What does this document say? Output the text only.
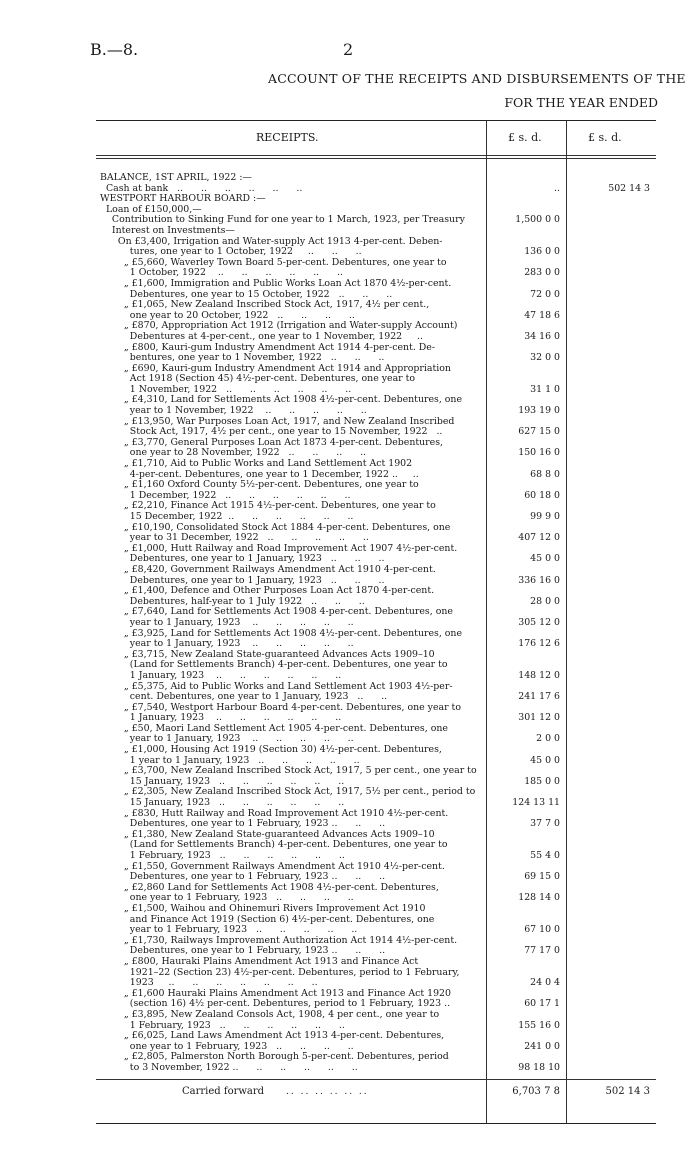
B.—8.	2
ACCOUNT OF THE RECEIPTS AND DISBURSEMENTS OF THE
FOR THE YEAR ENDED
RECEIPTS.	£ s. d.	£ s. d.
BALANCE, 1ST APRIL, 1922 :—
Cash at bank   ..      ..      ..      ..      ..      ..	..	502 14 3
WESTPORT HARBOUR BOARD :—
Loan of £150,000,—
Contribution to Sinking Fund for one year to 1 March, 1923, per Treasury	1,500 0 0
Interest on Investments—
On £3,400, Irrigation and Water-supply Act 1913 4-per-cent. Deben-
tures, one year to 1 October, 1922     ..      ..      ..	136 0 0
„ £5,660, Waverley Town Board 5-per-cent. Debentures, one year to
1 October, 1922    ..      ..      ..      ..      ..      ..	283 0 0
„ £1,600, Immigration and Public Works Loan Act 1870 4½-per-cent.
Debentures, one year to 15 October, 1922   ..      ..      ..	72 0 0
„ £1,065, New Zealand Inscribed Stock Act, 1917, 4½ per cent.,
one year to 20 October, 1922   ..      ..      ..      ..	47 18 6
„ £870, Appropriation Act 1912 (Irrigation and Water-supply Account)
Debentures at 4-per-cent., one year to 1 November, 1922     ..	34 16 0
„ £800, Kauri-gum Industry Amendment Act 1914 4-per-cent. De-
bentures, one year to 1 November, 1922   ..      ..      ..	32 0 0
„ £690, Kauri-gum Industry Amendment Act 1914 and Appropriation
Act 1918 (Section 45) 4½-per-cent. Debentures, one year to
1 November, 1922   ..      ..      ..      ..      ..      ..	31 1 0
„ £4,310, Land for Settlements Act 1908 4½-per-cent. Debentures, one
year to 1 November, 1922    ..      ..      ..      ..      ..	193 19 0
„ £13,950, War Purposes Loan Act, 1917, and New Zealand Inscribed
Stock Act, 1917, 4½ per cent., one year to 15 November, 1922   ..	627 15 0
„ £3,770, General Purposes Loan Act 1873 4-per-cent. Debentures,
one year to 28 November, 1922   ..      ..      ..      ..	150 16 0
„ £1,710, Aid to Public Works and Land Settlement Act 1902
4-per-cent. Debentures, one year to 1 December, 1922 ..     ..	68 8 0
„ £1,160 Oxford County 5½-per-cent. Debentures, one year to
1 December, 1922   ..      ..      ..      ..      ..      ..	60 18 0
„ £2,210, Finance Act 1915 4½-per-cent. Debentures, one year to
15 December, 1922  ..      ..      ..      ..      ..      ..	99 9 0
„ £10,190, Consolidated Stock Act 1884 4-per-cent. Debentures, one
year to 31 December, 1922   ..      ..      ..      ..      ..	407 12 0
„ £1,000, Hutt Railway and Road Improvement Act 1907 4½-per-cent.
Debentures, one year to 1 January, 1923   ..      ..      ..	45 0 0
„ £8,420, Government Railways Amendment Act 1910 4-per-cent.
Debentures, one year to 1 January, 1923   ..      ..      ..	336 16 0
„ £1,400, Defence and Other Purposes Loan Act 1870 4-per-cent.
Debentures, half-year to 1 July 1922   ..      ..      ..	28 0 0
„ £7,640, Land for Settlements Act 1908 4-per-cent. Debentures, one
year to 1 January, 1923    ..      ..      ..      ..      ..	305 12 0
„ £3,925, Land for Settlements Act 1908 4½-per-cent. Debentures, one
year to 1 January, 1923    ..      ..      ..      ..      ..	176 12 6
„ £3,715, New Zealand State-guaranteed Advances Acts 1909–10
(Land for Settlements Branch) 4-per-cent. Debentures, one year to
1 January, 1923    ..      ..      ..      ..      ..      ..	148 12 0
„ £5,375, Aid to Public Works and Land Settlement Act 1903 4½-per-
cent. Debentures, one year to 1 January, 1923   ..      ..	241 17 6
„ £7,540, Westport Harbour Board 4-per-cent. Debentures, one year to
1 January, 1923    ..      ..      ..      ..      ..      ..	301 12 0
„ £50, Maori Land Settlement Act 1905 4-per-cent. Debentures, one
year to 1 January, 1923    ..      ..      ..      ..      ..	2 0 0
„ £1,000, Housing Act 1919 (Section 30) 4½-per-cent. Debentures,
1 year to 1 January, 1923   ..      ..      ..      ..      ..	45 0 0
„ £3,700, New Zealand Inscribed Stock Act, 1917, 5 per cent., one year to
15 January, 1923   ..      ..      ..      ..      ..      ..	185 0 0
„ £2,305, New Zealand Inscribed Stock Act, 1917, 5½ per cent., period to
15 January, 1923   ..      ..      ..      ..      ..      ..	124 13 11
„ £830, Hutt Railway and Road Improvement Act 1910 4½-per-cent.
Debentures, one year to 1 February, 1923 ..      ..      ..	37 7 0
„ £1,380, New Zealand State-guaranteed Advances Acts 1909–10
(Land for Settlements Branch) 4-per-cent. Debentures, one year to
1 February, 1923   ..      ..      ..      ..      ..      ..	55 4 0
„ £1,550, Government Railways Amendment Act 1910 4½-per-cent.
Debentures, one year to 1 February, 1923 ..      ..      ..	69 15 0
„ £2,860 Land for Settlements Act 1908 4½-per-cent. Debentures,
one year to 1 February, 1923   ..      ..      ..      ..	128 14 0
„ £1,500, Waihou and Ohinemuri Rivers Improvement Act 1910
and Finance Act 1919 (Section 6) 4½-per-cent. Debentures, one
year to 1 February, 1923   ..      ..      ..      ..      ..	67 10 0
„ £1,730, Railways Improvement Authorization Act 1914 4½-per-cent.
Debentures, one year to 1 February, 1923 ..      ..      ..	77 17 0
„ £800, Hauraki Plains Amendment Act 1913 and Finance Act
1921–22 (Section 23) 4½-per-cent. Debentures, period to 1 February,
1923     ..      ..      ..      ..      ..      ..      ..	24 0 4
„ £1,600 Hauraki Plains Amendment Act 1913 and Finance Act 1920
(section 16) 4½ per-cent. Debentures, period to 1 February, 1923 ..	60 17 1
„ £3,895, New Zealand Consols Act, 1908, 4 per cent., one year to
1 February, 1923   ..      ..      ..      ..      ..      ..	155 16 0
„ £6,025, Land Laws Amendment Act 1913 4-per-cent. Debentures,
one year to 1 February, 1923   ..      ..      ..      ..	241 0 0
„ £2,805, Palmerston North Borough 5-per-cent. Debentures, period
to 3 November, 1922 ..      ..      ..      ..      ..      ..	98 18 10
Carried forward .. .. .. .. .. ..	6,703 7 8	502 14 3
